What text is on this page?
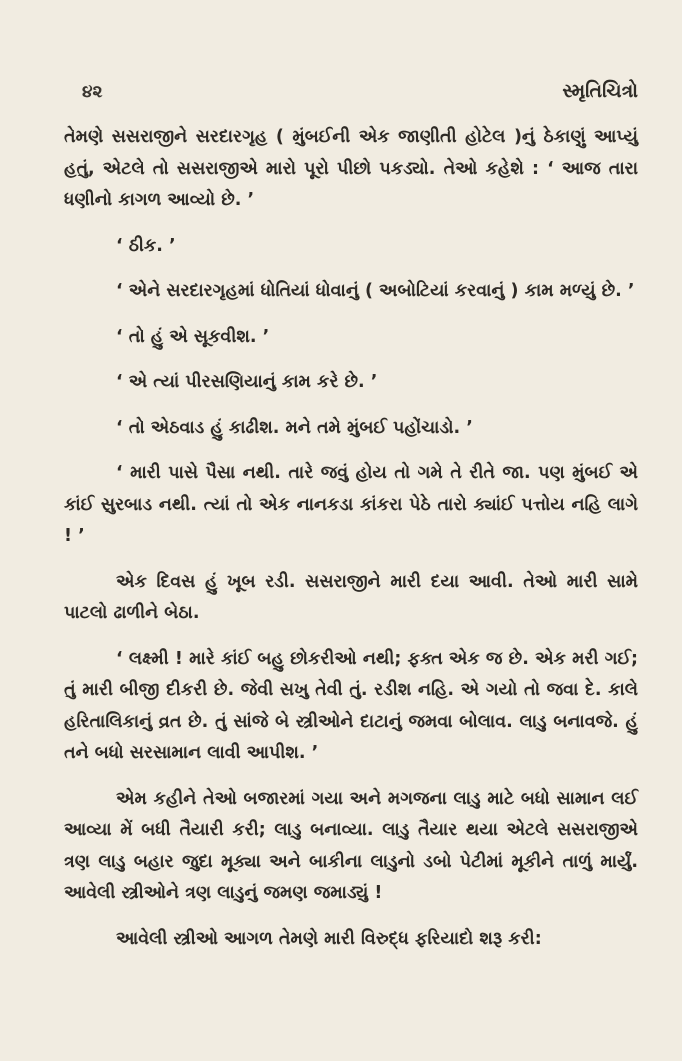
૪૨	સ્મૃતિચિત્રો

તેમણે સસરાજીને સરદારગૃહ ( મુંબઈની એક જાણીતી હોટેલ )નું ઠેકાણું આપ્યું હતું, એટલે તો સસરાજીએ મારો પૂરો પીછો પકડ્યો. તેઓ કહેશે : ‘ આજ તારા ધણીનો કાગળ આવ્યો છે. ’

‘ ઠીક. ’

‘ એને સરદારગૃહમાં ધોતિયાં ધોવાનું ( અબોટિયાં કરવાનું ) કામ મળ્યું છે. ’

‘ તો હું એ સૂકવીશ. ’

‘ એ ત્યાં પીરસણિયાનું કામ કરે છે. ’

‘ તો એઠવાડ હું કાઢીશ. મને તમે મુંબઈ પહોંચાડો. ’

‘ મારી પાસે પૈસા નથી. તારે જવું હોય તો ગમે તે રીતે જા. પણ મુંબઈ એ કાંઈ સુરબાડ નથી. ત્યાં તો એક નાનકડા કાંકરા પેઠે તારો ક્યાંઈ પત્તોય નહિ લાગે ! ’

એક દિવસ હું ખૂબ રડી. સસરાજીને મારી દયા આવી. તેઓ મારી સામે પાટલો ઢાળીને બેઠા.

‘ લક્ષ્મી ! મારે કાંઈ બહુ છોકરીઓ નથી; ફક્ત એક જ છે. એક મરી ગઈ; તું મારી બીજી દીકરી છે. જેવી સખુ તેવી તું. રડીશ નહિ. એ ગયો તો જવા દે. કાલે હરિતાલિકાનું વ્રત છે. તું સાંજે બે સ્ત્રીઓને દાટાનું જમવા બોલાવ. લાડુ બનાવજે. હું તને બધો સરસામાન લાવી આપીશ. ’

એમ કહીને તેઓ બજારમાં ગયા અને મગજના લાડુ માટે બધો સામાન લઈ આવ્યા મેં બધી તૈયારી કરી; લાડુ બનાવ્યા. લાડુ તૈયાર થયા એટલે સસરાજીએ ત્રણ લાડુ બહાર જુદા મૂક્યા અને બાકીના લાડુનો ડબો પેટીમાં મૂકીને તાળું માર્યું. આવેલી સ્ત્રીઓને ત્રણ લાડુનું જમણ જમાડ્યું !

આવેલી સ્ત્રીઓ આગળ તેમણે મારી વિરુદ્ધ ફરિયાદો શરૂ કરી:
